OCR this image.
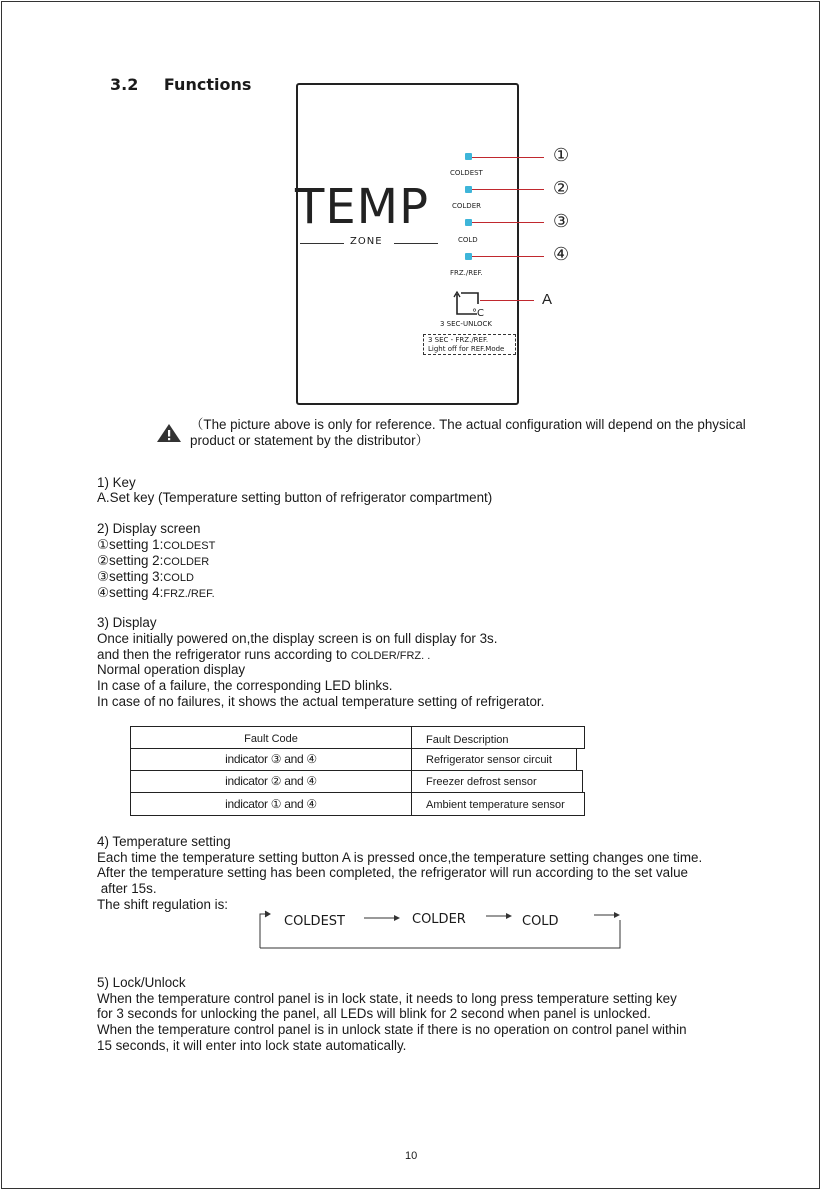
3.2 Functions
TEMP
ZONE
COLDEST
①
COLDER
②
COLD
③
FRZ./REF.
④
°C
A
3 SEC-UNLOCK
3 SEC - FRZ./REF.
Light off for REF.Mode
（The picture above is only for reference. The actual configuration will depend on the physical product or statement by the distributor）
1) Key
A.Set key (Temperature setting button of refrigerator compartment)
2) Display screen
①setting 1:COLDEST
②setting 2:COLDER
③setting 3:COLD
④setting 4:FRZ./REF.
3) Display
Once initially powered on,the display screen is on full display for 3s.
and then the refrigerator runs according to COLDER/FRZ. .
Normal operation display
In case of a failure, the corresponding LED blinks.
In case of no failures, it shows the actual temperature setting of refrigerator.
Fault Code	Fault Description
indicator ③ and ④	Refrigerator sensor circuit
indicator ② and ④	Freezer defrost sensor
indicator ① and ④	Ambient temperature sensor
4) Temperature setting
Each time the temperature setting button A is pressed once,the temperature setting changes one time.
After the temperature setting has been completed, the refrigerator will run according to the set value
after 15s.
The shift regulation is:
COLDEST	COLDER	COLD
5) Lock/Unlock
When the temperature control panel is in lock state, it needs to long press temperature setting key
for 3 seconds for unlocking the panel, all LEDs will blink for 2 second when panel is unlocked.
When the temperature control panel is in unlock state if there is no operation on control panel within
15 seconds, it will enter into lock state automatically.
10
